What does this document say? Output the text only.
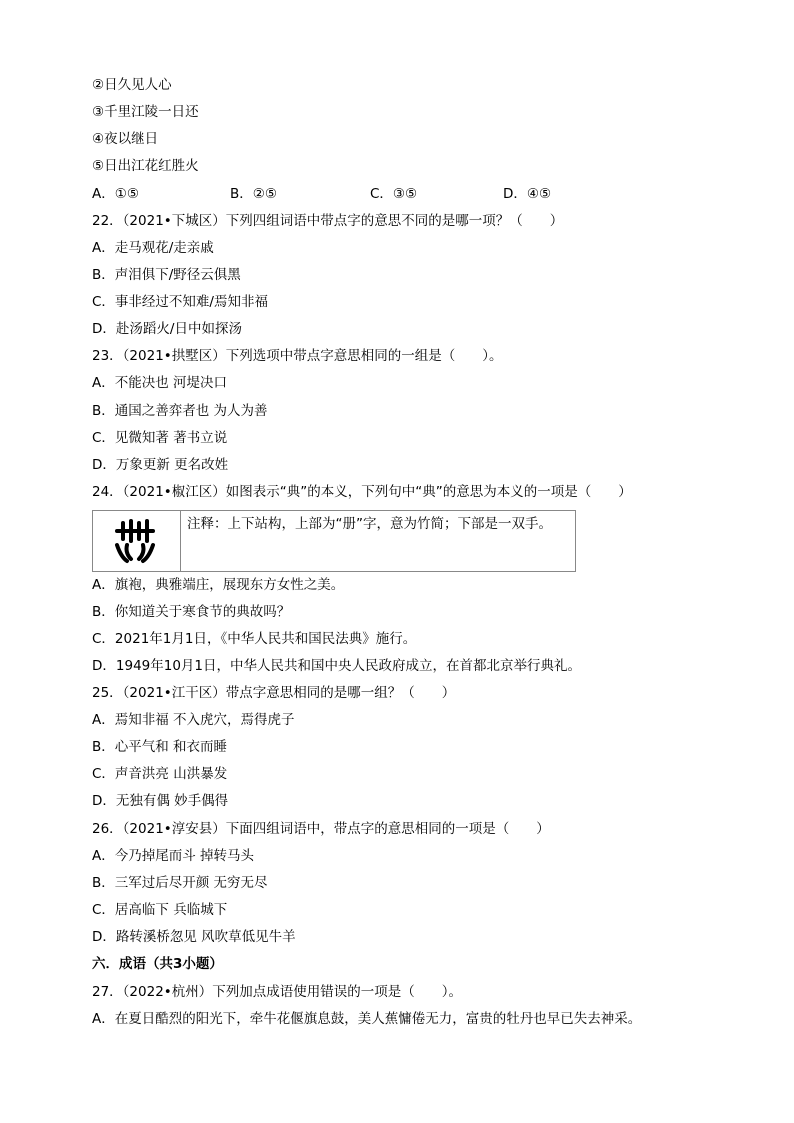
②日久见人心
③千里江陵一日还
④夜以继日
⑤日出江花红胜火
A．①⑤	B．②⑤	C．③⑤	D．④⑤
22．（2021•下城区）下列四组词语中带点字的意思不同的是哪一项？（　　）
A．走马观花/走亲戚
B．声泪俱下/野径云俱黑
C．事非经过不知难/焉知非福
D．赴汤蹈火/日中如探汤
23．（2021•拱墅区）下列选项中带点字意思相同的一组是（　　）。
A．不能决也 河堤决口
B．通国之善弈者也 为人为善
C．见微知著 著书立说
D．万象更新 更名改姓
24．（2021•椒江区）如图表示“典”的本义，下列句中“典”的意思为本义的一项是（　　）
注释：上下站构，上部为“册”字，意为竹简；下部是一双手。
A．旗袍，典雅端庄，展现东方女性之美。
B．你知道关于寒食节的典故吗？
C．2021年1月1日，《中华人民共和国民法典》施行。
D．1949年10月1日，中华人民共和国中央人民政府成立，在首都北京举行典礼。
25．（2021•江干区）带点字意思相同的是哪一组？（　　）
A．焉知非福 不入虎穴，焉得虎子
B．心平气和 和衣而睡
C．声音洪亮 山洪暴发
D．无独有偶 妙手偶得
26．（2021•淳安县）下面四组词语中，带点字的意思相同的一项是（　　）
A．今乃掉尾而斗 掉转马头
B．三军过后尽开颜 无穷无尽
C．居高临下 兵临城下
D．路转溪桥忽见 风吹草低见牛羊
六．成语（共3小题）
27．（2022•杭州）下列加点成语使用错误的一项是（　　）。
A．在夏日酷烈的阳光下，牵牛花偃旗息鼓，美人蕉慵倦无力，富贵的牡丹也早已失去神采。
